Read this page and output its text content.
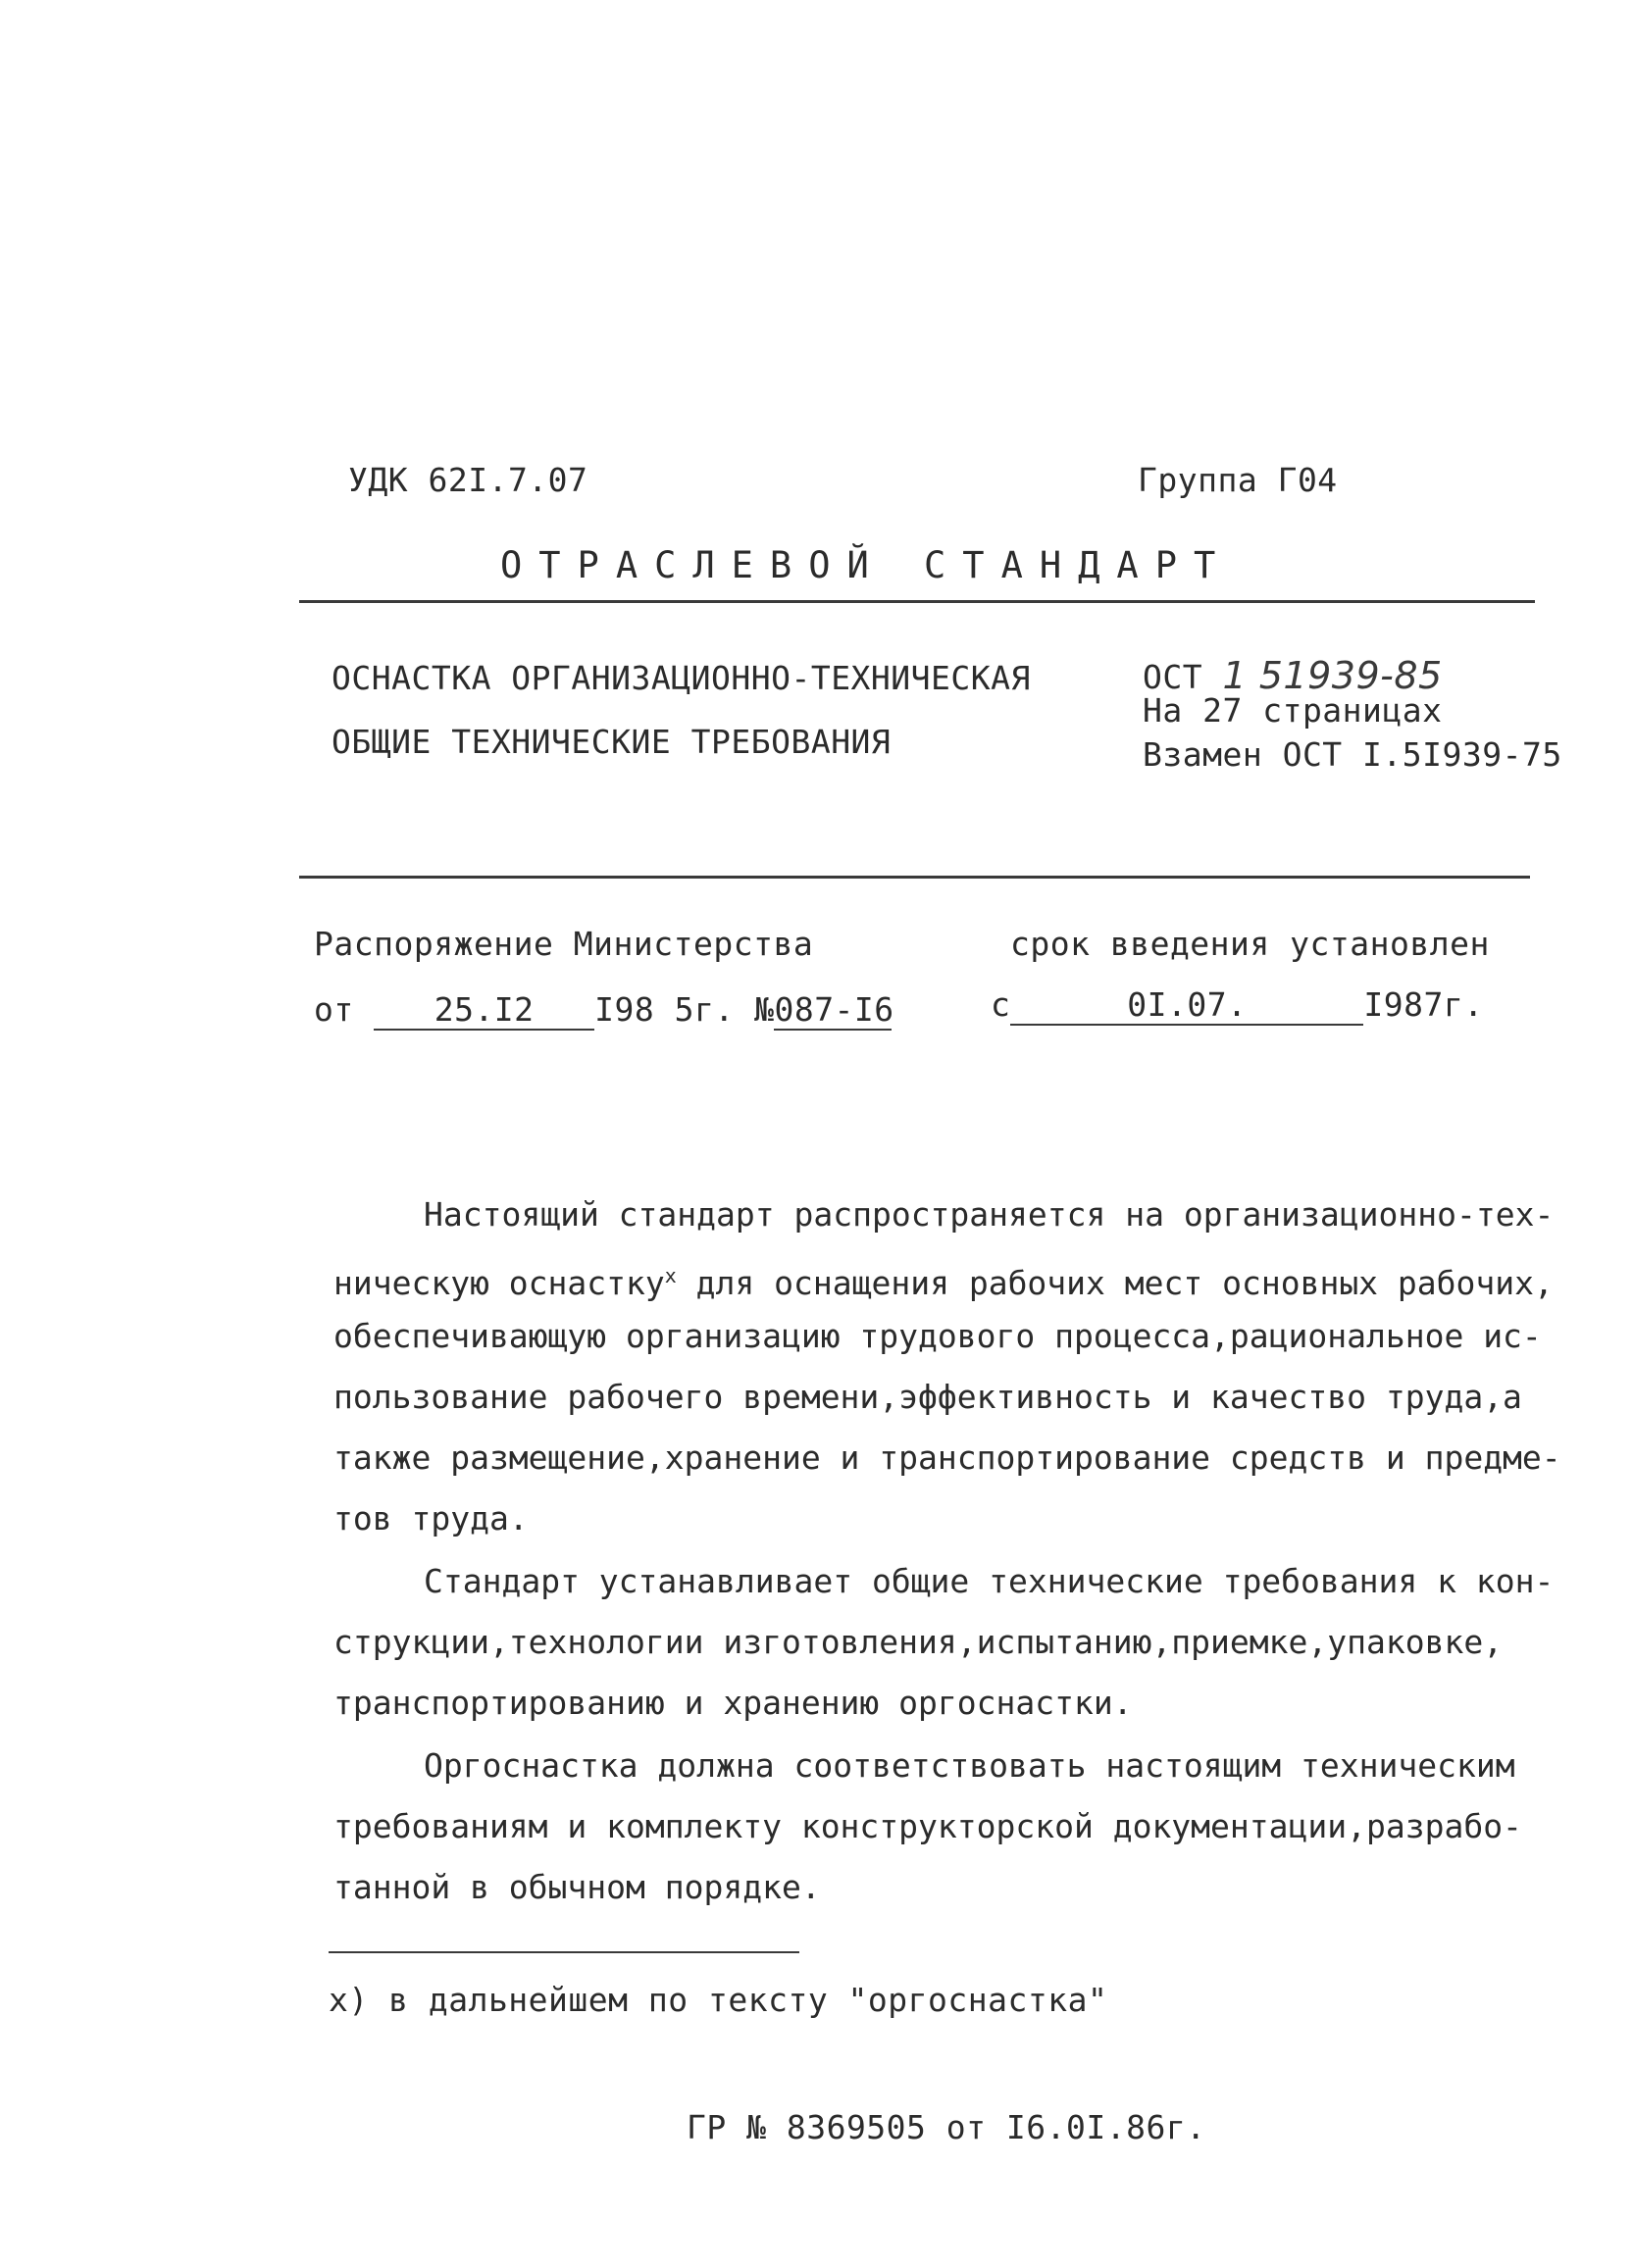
УДК 62I.7.07	Группа Г04
ОТРАСЛЕВОЙ СТАНДАРТ
ОСНАСТКА ОРГАНИЗАЦИОННО-ТЕХНИЧЕСКАЯ
ОБЩИЕ ТЕХНИЧЕСКИЕ ТРЕБОВАНИЯ
ОСТ 1 51939-85
На 27 страницах
Взамен ОСТ I.5I939-75
Распоряжение Министерства
от 25.I2 I98 5г. №087-I6
срок введения установлен
с	0I.07.	I987г.
Настоящий стандарт распространяется на организационно-тех-
ническую оснастку$^x$ для оснащения рабочих мест основных рабочих,
обеспечивающую организацию трудового процесса,рациональное ис-
пользование рабочего времени,эффективность и качество труда,а
также размещение,хранение и транспортирование средств и предме-
тов труда.
Стандарт устанавливает общие технические требования к кон-
струкции,технологии изготовления,испытанию,приемке,упаковке,
транспортированию и хранению оргоснастки.
Оргоснастка должна соответствовать настоящим техническим
требованиям и комплекту конструкторской документации,разрабо-
танной в обычном порядке.
x) в дальнейшем по тексту "оргоснастка"
ГР № 8369505 от I6.0I.86г.
